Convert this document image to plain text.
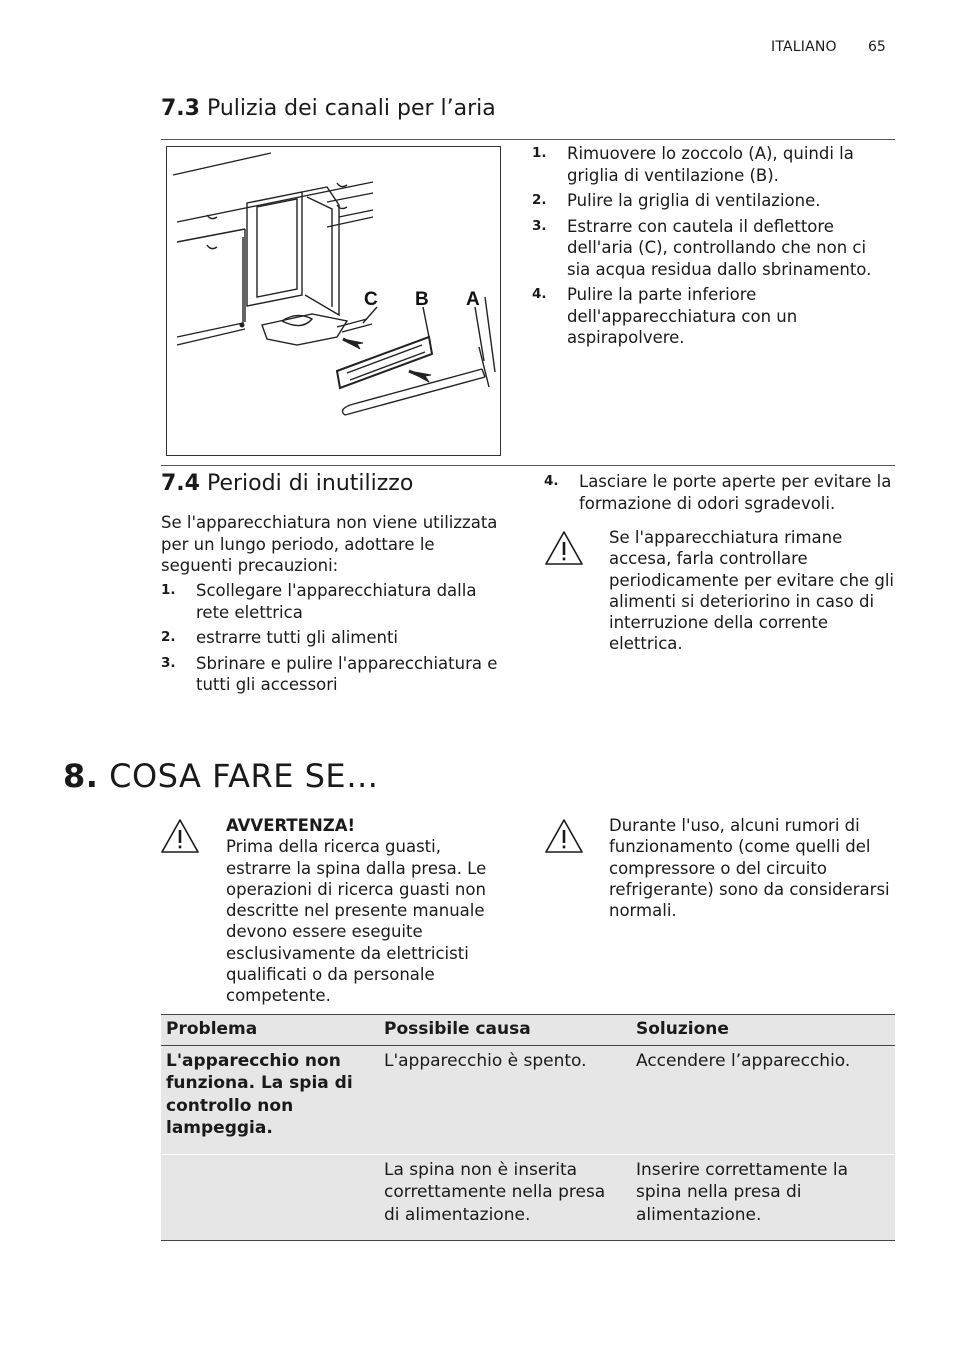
ITALIANO 65
7.3 Pulizia dei canali per l’aria
C B A
1. Rimuovere lo zoccolo (A), quindi la griglia di ventilazione (B).
2. Pulire la griglia di ventilazione.
3. Estrarre con cautela il deflettore dell'aria (C), controllando che non ci sia acqua residua dallo sbrinamento.
4. Pulire la parte inferiore dell'apparecchiatura con un aspirapolvere.
7.4 Periodi di inutilizzo

Se l'apparecchiatura non viene utilizzata per un lungo periodo, adottare le seguenti precauzioni:

1. Scollegare l'apparecchiatura dalla rete elettrica
2. estrarre tutti gli alimenti
3. Sbrinare e pulire l'apparecchiatura e tutti gli accessori
4. Lasciare le porte aperte per evitare la formazione di odori sgradevoli.
Se l'apparecchiatura rimane accesa, farla controllare periodicamente per evitare che gli alimenti si deteriorino in caso di interruzione della corrente elettrica.
8. COSA FARE SE…
AVVERTENZA!
Prima della ricerca guasti, estrarre la spina dalla presa. Le operazioni di ricerca guasti non descritte nel presente manuale devono essere eseguite esclusivamente da elettricisti qualificati o da personale competente.
Durante l'uso, alcuni rumori di funzionamento (come quelli del compressore o del circuito refrigerante) sono da considerarsi normali.
Problema	Possibile causa	Soluzione
L'apparecchio non funziona. La spia di controllo non lampeggia.	L'apparecchio è spento.	Accendere l’apparecchio.
	La spina non è inserita correttamente nella presa di alimentazione.	Inserire correttamente la spina nella presa di alimentazione.
